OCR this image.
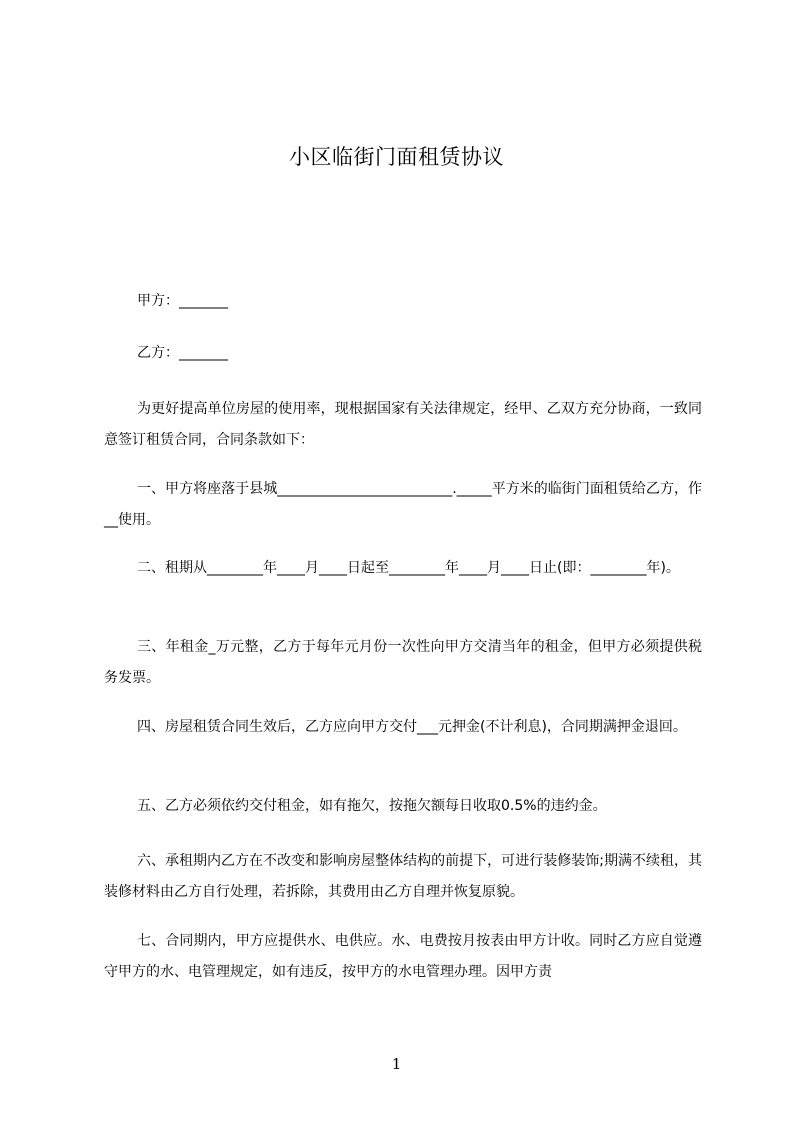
小区临街门面租赁协议
甲方：_______
乙方：_______
为更好提高单位房屋的使用率，现根据国家有关法律规定，经甲、乙双方充分协商，一致同意签订租赁合同，合同条款如下：
一、甲方将座落于县城_________________________._____平方米的临街门面租赁给乙方，作__使用。
二、租期从________年____月____日起至________年____月____日止(即：________年)。
三、年租金_万元整，乙方于每年元月份一次性向甲方交清当年的租金，但甲方必须提供税务发票。
四、房屋租赁合同生效后，乙方应向甲方交付___元押金(不计利息)，合同期满押金退回。
五、乙方必须依约交付租金，如有拖欠，按拖欠额每日收取0.5%的违约金。
六、承租期内乙方在不改变和影响房屋整体结构的前提下，可进行装修装饰;期满不续租，其装修材料由乙方自行处理，若拆除，其费用由乙方自理并恢复原貌。
七、合同期内，甲方应提供水、电供应。水、电费按月按表由甲方计收。同时乙方应自觉遵守甲方的水、电管理规定，如有违反，按甲方的水电管理办理。因甲方责
1
